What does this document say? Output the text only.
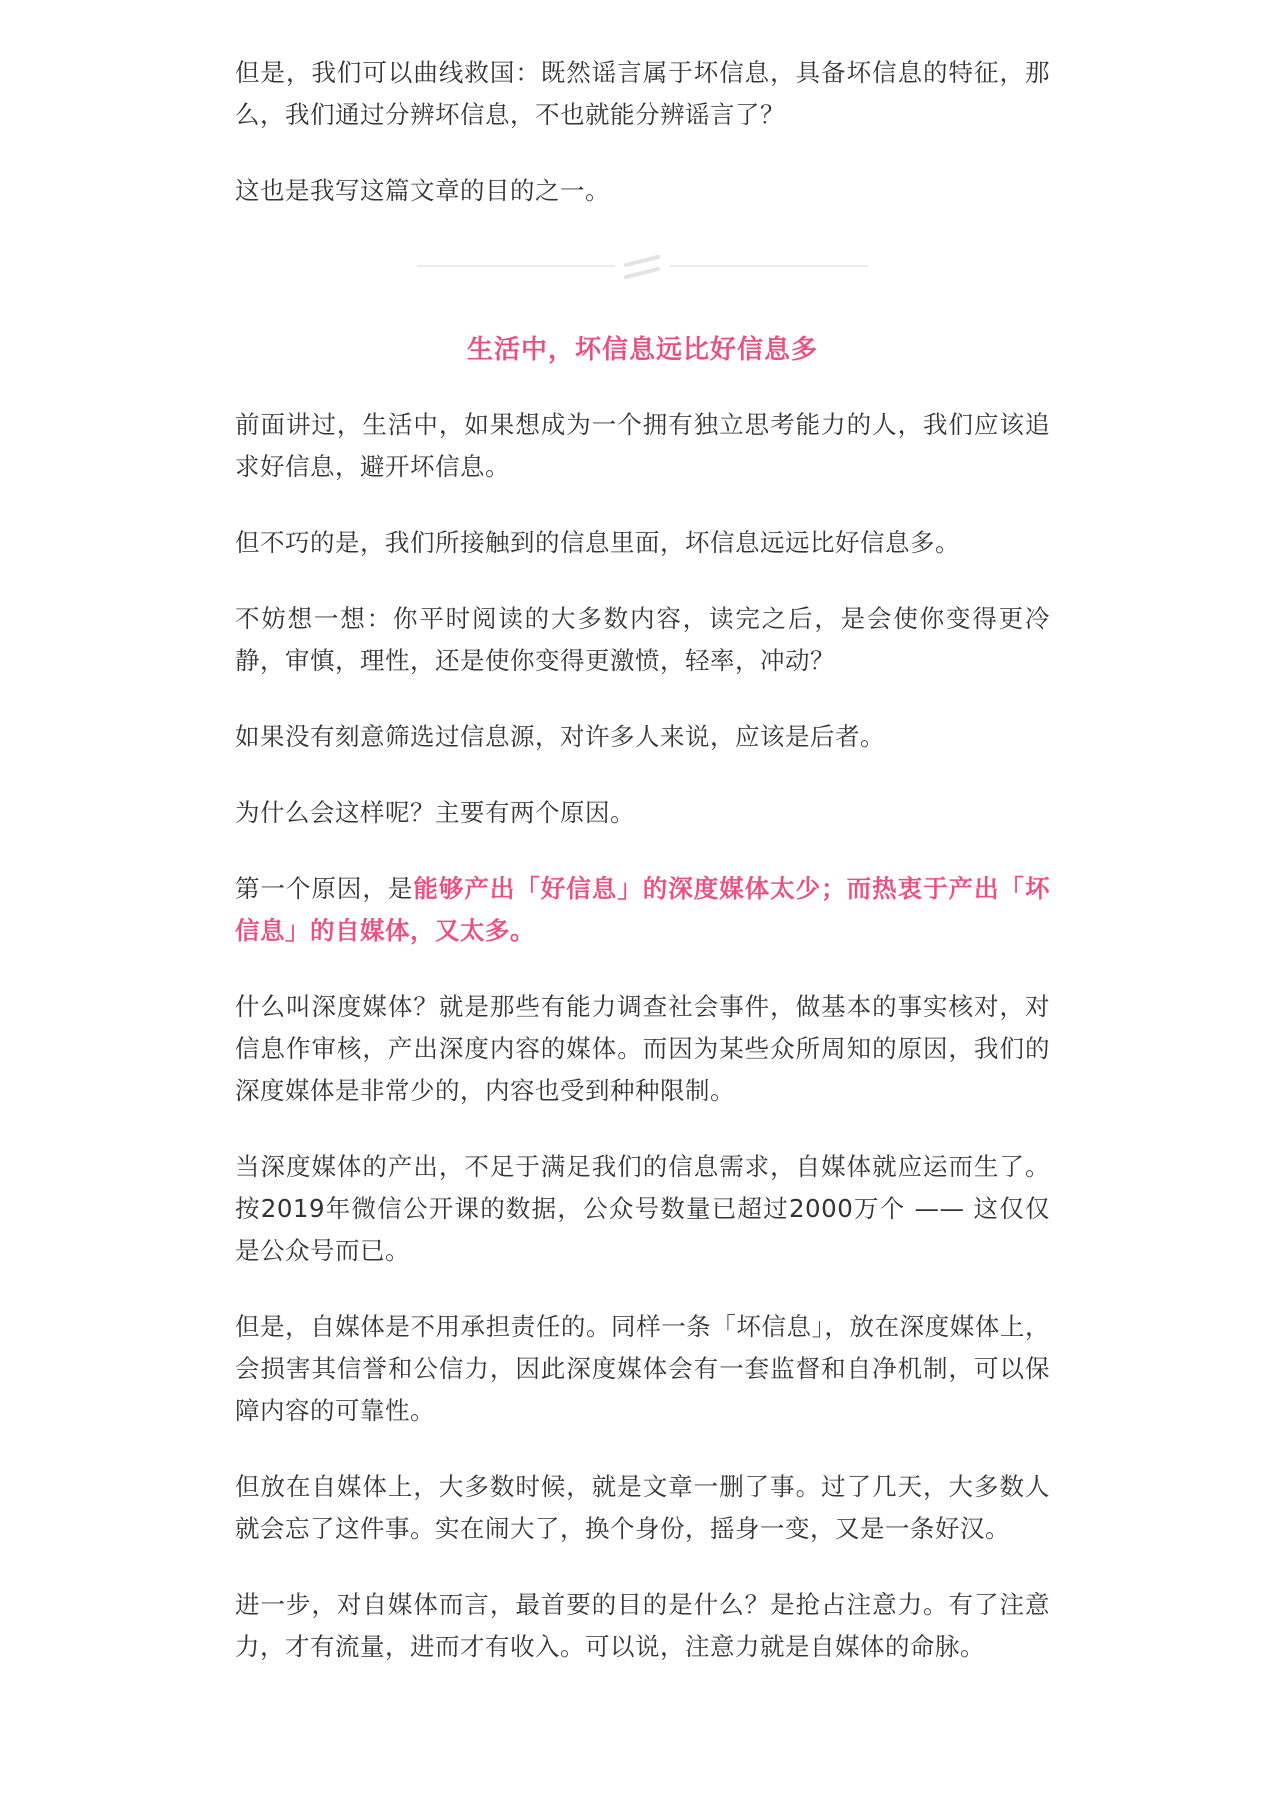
但是，我们可以曲线救国：既然谣言属于坏信息，具备坏信息的特征，那么，我们通过分辨坏信息，不也就能分辨谣言了？

这也是我写这篇文章的目的之一。

生活中，坏信息远比好信息多

前面讲过，生活中，如果想成为一个拥有独立思考能力的人，我们应该追求好信息，避开坏信息。

但不巧的是，我们所接触到的信息里面，坏信息远远比好信息多。

不妨想一想：你平时阅读的大多数内容，读完之后，是会使你变得更冷静，审慎，理性，还是使你变得更激愤，轻率，冲动？

如果没有刻意筛选过信息源，对许多人来说，应该是后者。

为什么会这样呢？主要有两个原因。

第一个原因，是能够产出「好信息」的深度媒体太少；而热衷于产出「坏信息」的自媒体，又太多。

什么叫深度媒体？就是那些有能力调查社会事件，做基本的事实核对，对信息作审核，产出深度内容的媒体。而因为某些众所周知的原因，我们的深度媒体是非常少的，内容也受到种种限制。

当深度媒体的产出，不足于满足我们的信息需求，自媒体就应运而生了。按2019年微信公开课的数据，公众号数量已超过2000万个 —— 这仅仅是公众号而已。

但是，自媒体是不用承担责任的。同样一条「坏信息」，放在深度媒体上，会损害其信誉和公信力，因此深度媒体会有一套监督和自净机制，可以保障内容的可靠性。

但放在自媒体上，大多数时候，就是文章一删了事。过了几天，大多数人就会忘了这件事。实在闹大了，换个身份，摇身一变，又是一条好汉。

进一步，对自媒体而言，最首要的目的是什么？是抢占注意力。有了注意力，才有流量，进而才有收入。可以说，注意力就是自媒体的命脉。
